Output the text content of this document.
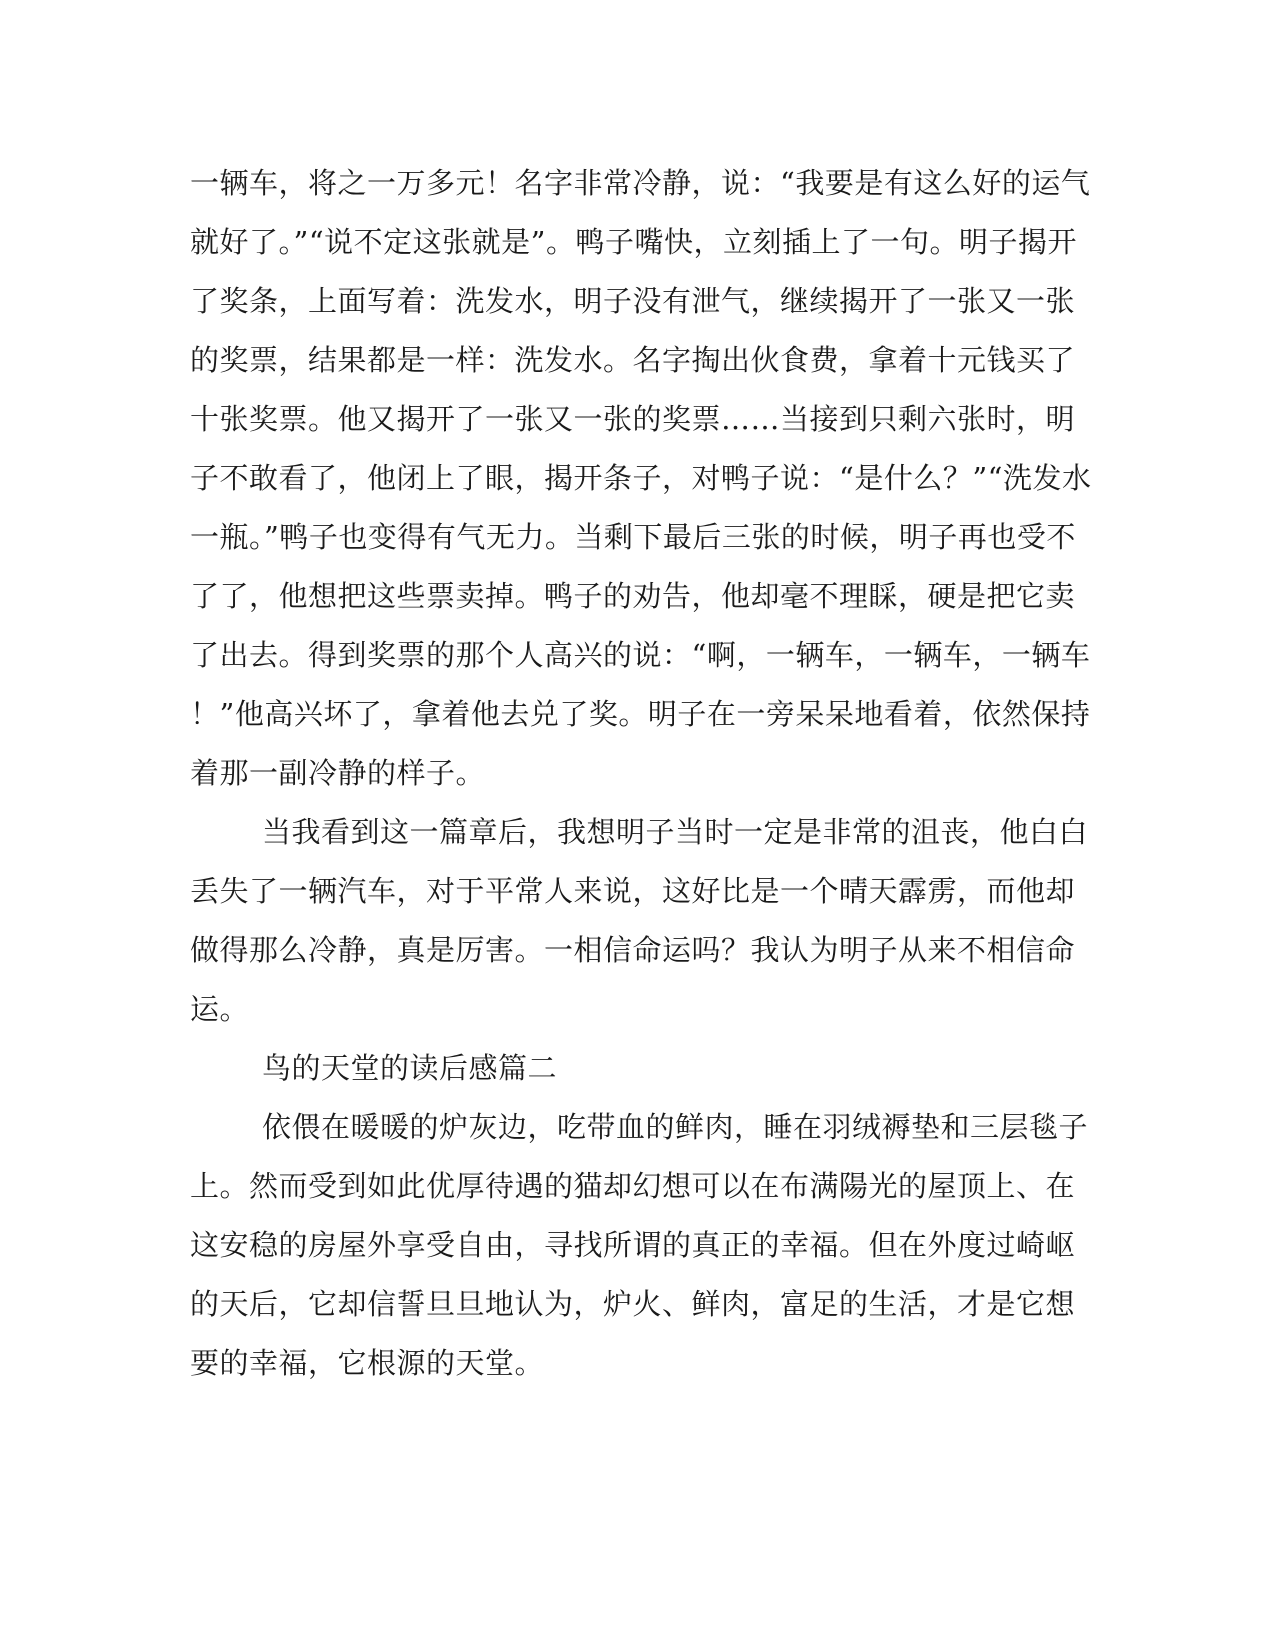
一辆车，将之一万多元！名字非常冷静，说：“我要是有这么好的运气
就好了。”“说不定这张就是”。鸭子嘴快，立刻插上了一句。明子揭开
了奖条，上面写着：洗发水，明子没有泄气，继续揭开了一张又一张
的奖票，结果都是一样：洗发水。名字掏出伙食费，拿着十元钱买了
十张奖票。他又揭开了一张又一张的奖票……当接到只剩六张时，明
子不敢看了，他闭上了眼，揭开条子，对鸭子说：“是什么？”“洗发水
一瓶。”鸭子也变得有气无力。当剩下最后三张的时候，明子再也受不
了了，他想把这些票卖掉。鸭子的劝告，他却毫不理睬，硬是把它卖
了出去。得到奖票的那个人高兴的说：“啊，一辆车，一辆车，一辆车
！”他高兴坏了，拿着他去兑了奖。明子在一旁呆呆地看着，依然保持
着那一副冷静的样子。
当我看到这一篇章后，我想明子当时一定是非常的沮丧，他白白
丢失了一辆汽车，对于平常人来说，这好比是一个晴天霹雳，而他却
做得那么冷静，真是厉害。一相信命运吗？我认为明子从来不相信命
运。
鸟的天堂的读后感篇二
依偎在暖暖的炉灰边，吃带血的鲜肉，睡在羽绒褥垫和三层毯子
上。然而受到如此优厚待遇的猫却幻想可以在布满陽光的屋顶上、在
这安稳的房屋外享受自由，寻找所谓的真正的幸福。但在外度过崎岖
的天后，它却信誓旦旦地认为，炉火、鲜肉，富足的生活，才是它想
要的幸福，它根源的天堂。
